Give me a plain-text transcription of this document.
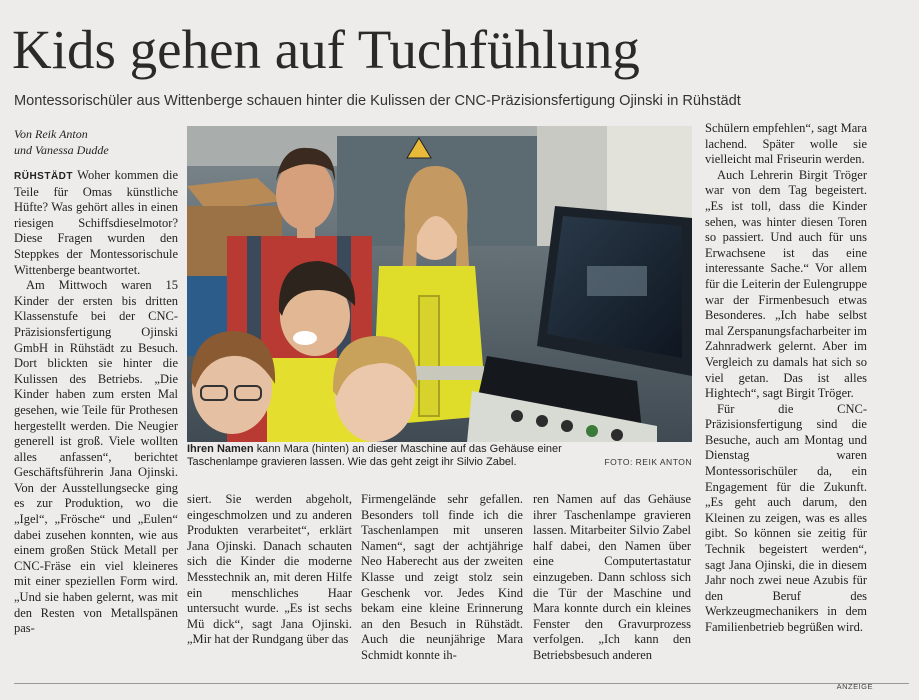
Kids gehen auf Tuchfühlung

Montessorischüler aus Wittenberge schauen hinter die Kulissen der CNC-Präzisionsfertigung Ojinski in Rühstädt

Von Reik Anton
und Vanessa Dudde

RÜHSTÄDT Woher kommen die Teile für Omas künstliche Hüfte? Was gehört alles in einen riesigen Schiffsdieselmotor? Diese Fragen wurden den Steppkes der Montessorischule Wittenberge beantwortet.

Am Mittwoch waren 15 Kinder der ersten bis dritten Klassenstufe bei der CNC-Präzisionsfertigung Ojinski GmbH in Rühstädt zu Besuch. Dort blickten sie hinter die Kulissen des Betriebs. „Die Kinder haben zum ersten Mal gesehen, wie Teile für Prothesen hergestellt werden. Die Neugier generell ist groß. Viele wollten alles anfassen“, berichtet Geschäftsführerin Jana Ojinski. Von der Ausstellungsecke ging es zur Produktion, wo die „Igel“, „Frösche“ und „Eulen“ dabei zusehen konnten, wie aus einem großen Stück Metall per CNC-Fräse ein viel kleineres mit einer speziellen Form wird. „Und sie haben gelernt, was mit den Resten von Metallspänen pas-

Ihren Namen kann Mara (hinten) an dieser Maschine auf das Gehäuse einer Taschenlampe gravieren lassen. Wie das geht zeigt ihr Silvio Zabel.	FOTO: REIK ANTON

siert. Sie werden abgeholt, eingeschmolzen und zu anderen Produkten verarbeitet“, erklärt Jana Ojinski. Danach schauten sich die Kinder die moderne Messtechnik an, mit deren Hilfe ein menschliches Haar untersucht wurde. „Es ist sechs Mü dick“, sagt Jana Ojinski. „Mir hat der Rundgang über das

Firmengelände sehr gefallen. Besonders toll finde ich die Taschenlampen mit unseren Namen“, sagt der achtjährige Neo Haberecht aus der zweiten Klasse und zeigt stolz sein Geschenk vor. Jedes Kind bekam eine kleine Erinnerung an den Besuch in Rühstädt. Auch die neunjährige Mara Schmidt konnte ih-

ren Namen auf das Gehäuse ihrer Taschenlampe gravieren lassen. Mitarbeiter Silvio Zabel half dabei, den Namen über eine Computertastatur einzugeben. Dann schloss sich die Tür der Maschine und Mara konnte durch ein kleines Fenster den Gravurprozess verfolgen. „Ich kann den Betriebsbesuch anderen

Schülern empfehlen“, sagt Mara lachend. Später wolle sie vielleicht mal Friseurin werden.

Auch Lehrerin Birgit Tröger war von dem Tag begeistert. „Es ist toll, dass die Kinder sehen, was hinter diesen Toren so passiert. Und auch für uns Erwachsene ist das eine interessante Sache.“ Vor allem für die Leiterin der Eulengruppe war der Firmenbesuch etwas Besonderes. „Ich habe selbst mal Zerspanungsfacharbeiter im Zahnradwerk gelernt. Aber im Vergleich zu damals hat sich so viel getan. Das ist alles Hightech“, sagt Birgit Tröger.

Für die CNC-Präzisionsfertigung sind die Besuche, auch am Montag und Dienstag waren Montessorischüler da, ein Engagement für die Zukunft. „Es geht auch darum, den Kleinen zu zeigen, was es alles gibt. So können sie zeitig für Technik begeistert werden“, sagt Jana Ojinski, die in diesem Jahr noch zwei neue Azubis für den Beruf des Werkzeugmechanikers in dem Familienbetrieb begrüßen wird.

ANZEIGE
